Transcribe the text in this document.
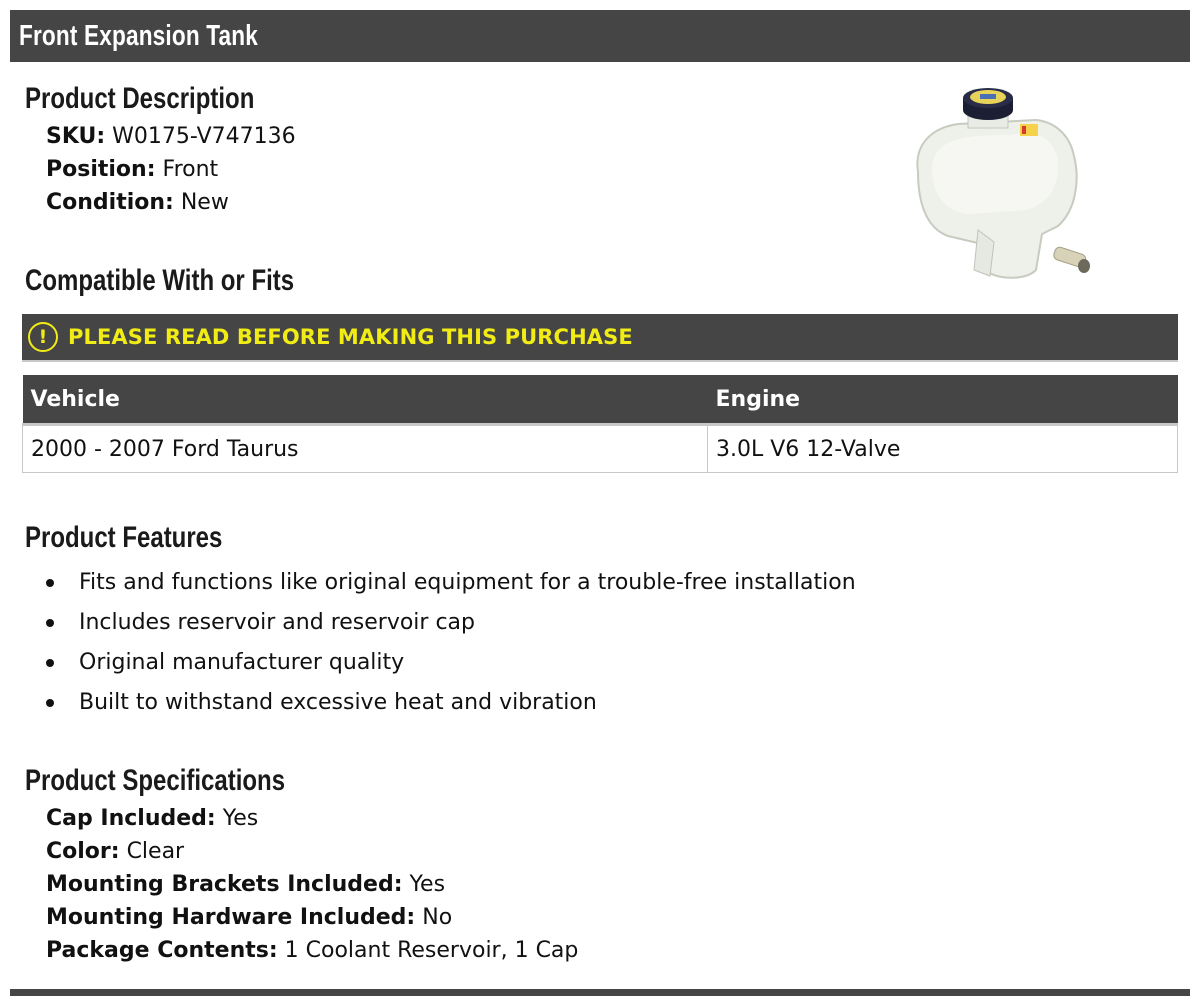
Front Expansion Tank
Product Description
SKU: W0175-V747136
Position: Front
Condition: New
Compatible With or Fits
! PLEASE READ BEFORE MAKING THIS PURCHASE
Vehicle	Engine
2000 - 2007 Ford Taurus	3.0L V6 12-Valve
Product Features
Fits and functions like original equipment for a trouble-free installation
Includes reservoir and reservoir cap
Original manufacturer quality
Built to withstand excessive heat and vibration
Product Specifications
Cap Included: Yes
Color: Clear
Mounting Brackets Included: Yes
Mounting Hardware Included: No
Package Contents: 1 Coolant Reservoir, 1 Cap
